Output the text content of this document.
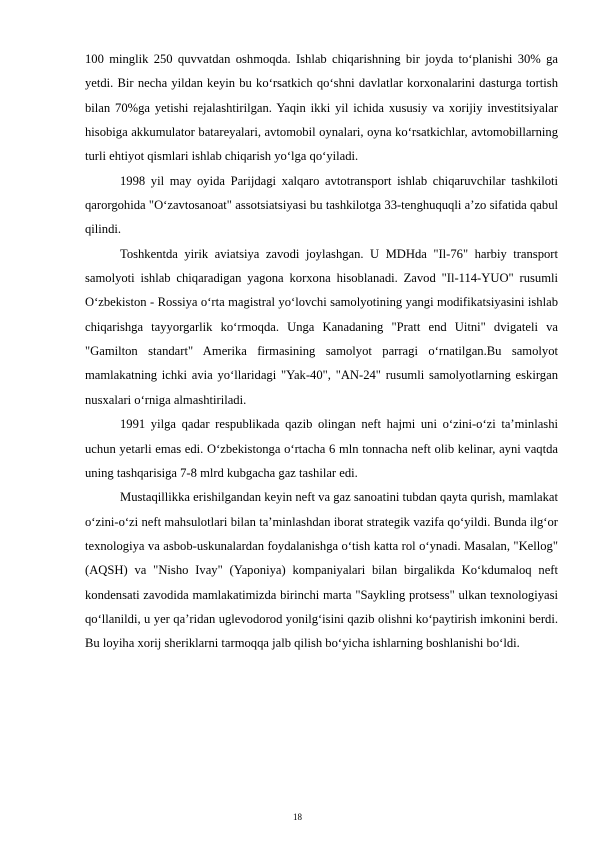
100 minglik 250 quvvatdan oshmoqda. Ishlab chiqarishning bir joyda to‘planishi 30% ga yetdi. Bir necha yildan keyin bu ko‘rsatkich qo‘shni davlatlar korxonalarini dasturga tortish bilan 70%ga yetishi rejalashtirilgan. Yaqin ikki yil ichida xususiy va xorijiy investitsiyalar hisobiga akkumulator batareyalari, avtomobil oynalari, oyna ko‘rsatkichlar, avtomobillarning turli ehtiyot qismlari ishlab chiqarish yo‘lga qo‘yiladi.

1998 yil may oyida Parijdagi xalqaro avtotransport ishlab chiqaruvchilar tashkiloti qarorgohida "O‘zavtosanoat" assotsiatsiyasi bu tashkilotga 33-tenghuquqli a’zo sifatida qabul qilindi.

Toshkentda yirik aviatsiya zavodi joylashgan. U MDHda "Il-76" harbiy transport samolyoti ishlab chiqaradigan yagona korxona hisoblanadi. Zavod "Il-114-YUO" rusumli O‘zbekiston - Rossiya o‘rta magistral yo‘lovchi samolyotining yangi modifikatsiyasini ishlab chiqarishga tayyorgarlik ko‘rmoqda. Unga Kanadaning "Pratt end Uitni" dvigateli va "Gamilton standart" Amerika firmasining samolyot parragi o‘rnatilgan.Bu samolyot mamlakatning ichki avia yo‘llaridagi "Yak-40", "AN-24" rusumli samolyotlarning eskirgan nusxalari o‘rniga almashtiriladi.

1991 yilga qadar respublikada qazib olingan neft hajmi uni o‘zini-o‘zi ta’minlashi uchun yetarli emas edi. O‘zbekistonga o‘rtacha 6 mln tonnacha neft olib kelinar, ayni vaqtda uning tashqarisiga 7-8 mlrd kubgacha gaz tashilar edi.

Mustaqillikka erishilgandan keyin neft va gaz sanoatini tubdan qayta qurish, mamlakat o‘zini-o‘zi neft mahsulotlari bilan ta’minlashdan iborat strategik vazifa qo‘yildi. Bunda ilg‘or texnologiya va asbob-uskunalardan foydalanishga o‘tish katta rol o‘ynadi. Masalan, "Kellog" (AQSH) va "Nisho Ivay" (Yaponiya) kompaniyalari bilan birgalikda Ko‘kdumaloq neft kondensati zavodida mamlakatimizda birinchi marta "Saykling protsess" ulkan texnologiyasi qo‘llanildi, u yer qa’ridan uglevodorod yonilg‘isini qazib olishni ko‘paytirish imkonini berdi. Bu loyiha xorij sheriklarni tarmoqqa jalb qilish bo‘yicha ishlarning boshlanishi bo‘ldi.

18
